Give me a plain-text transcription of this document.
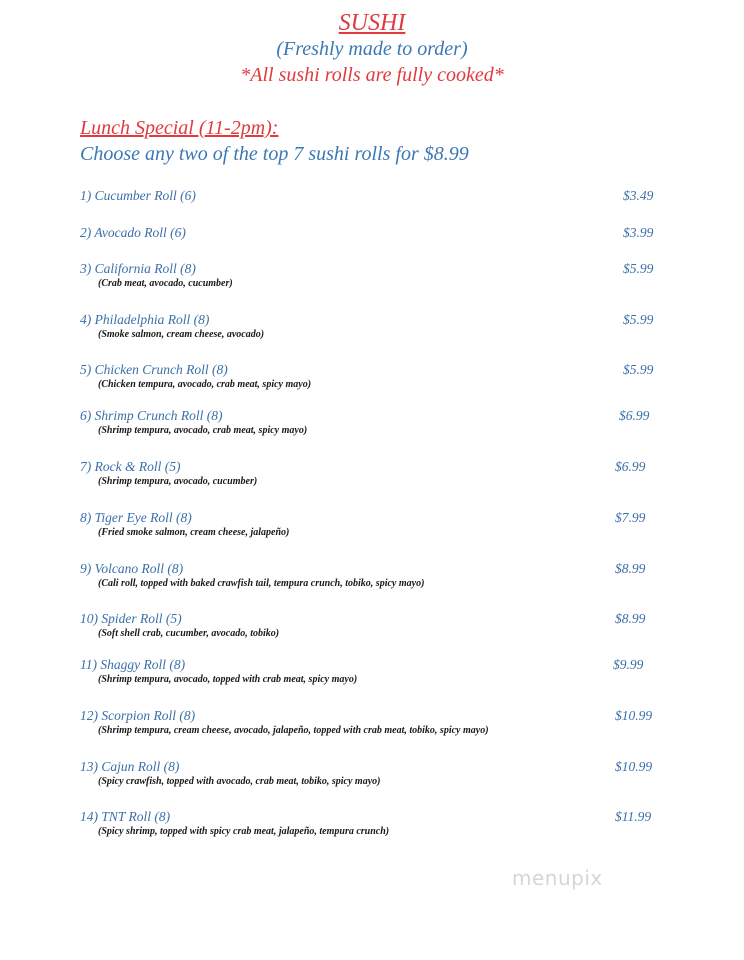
SUSHI
(Freshly made to order)
*All sushi rolls are fully cooked*
Lunch Special (11-2pm):
Choose any two of the top 7 sushi rolls for $8.99
1) Cucumber Roll (6)	$3.49
2) Avocado Roll (6)	$3.99
3) California Roll (8)
(Crab meat, avocado, cucumber)
$5.99
4) Philadelphia Roll (8)
(Smoke salmon, cream cheese, avocado)
$5.99
5) Chicken Crunch Roll (8)
(Chicken tempura, avocado, crab meat, spicy mayo)
$5.99
6) Shrimp Crunch Roll (8)
(Shrimp tempura, avocado, crab meat, spicy mayo)
$6.99
7) Rock & Roll (5)
(Shrimp tempura, avocado, cucumber)
$6.99
8) Tiger Eye Roll (8)
(Fried smoke salmon, cream cheese, jalapeño)
$7.99
9) Volcano Roll (8)
(Cali roll, topped with baked crawfish tail, tempura crunch, tobiko, spicy mayo)
$8.99
10) Spider Roll (5)
(Soft shell crab, cucumber, avocado, tobiko)
$8.99
11) Shaggy Roll (8)
(Shrimp tempura, avocado, topped with crab meat, spicy mayo)
$9.99
12) Scorpion Roll (8)
(Shrimp tempura, cream cheese, avocado, jalapeño, topped with crab meat, tobiko, spicy mayo)
$10.99
13) Cajun Roll (8)
(Spicy crawfish, topped with avocado, crab meat, tobiko, spicy mayo)
$10.99
14) TNT Roll (8)
(Spicy shrimp, topped with spicy crab meat, jalapeño, tempura crunch)
$11.99
menupix
